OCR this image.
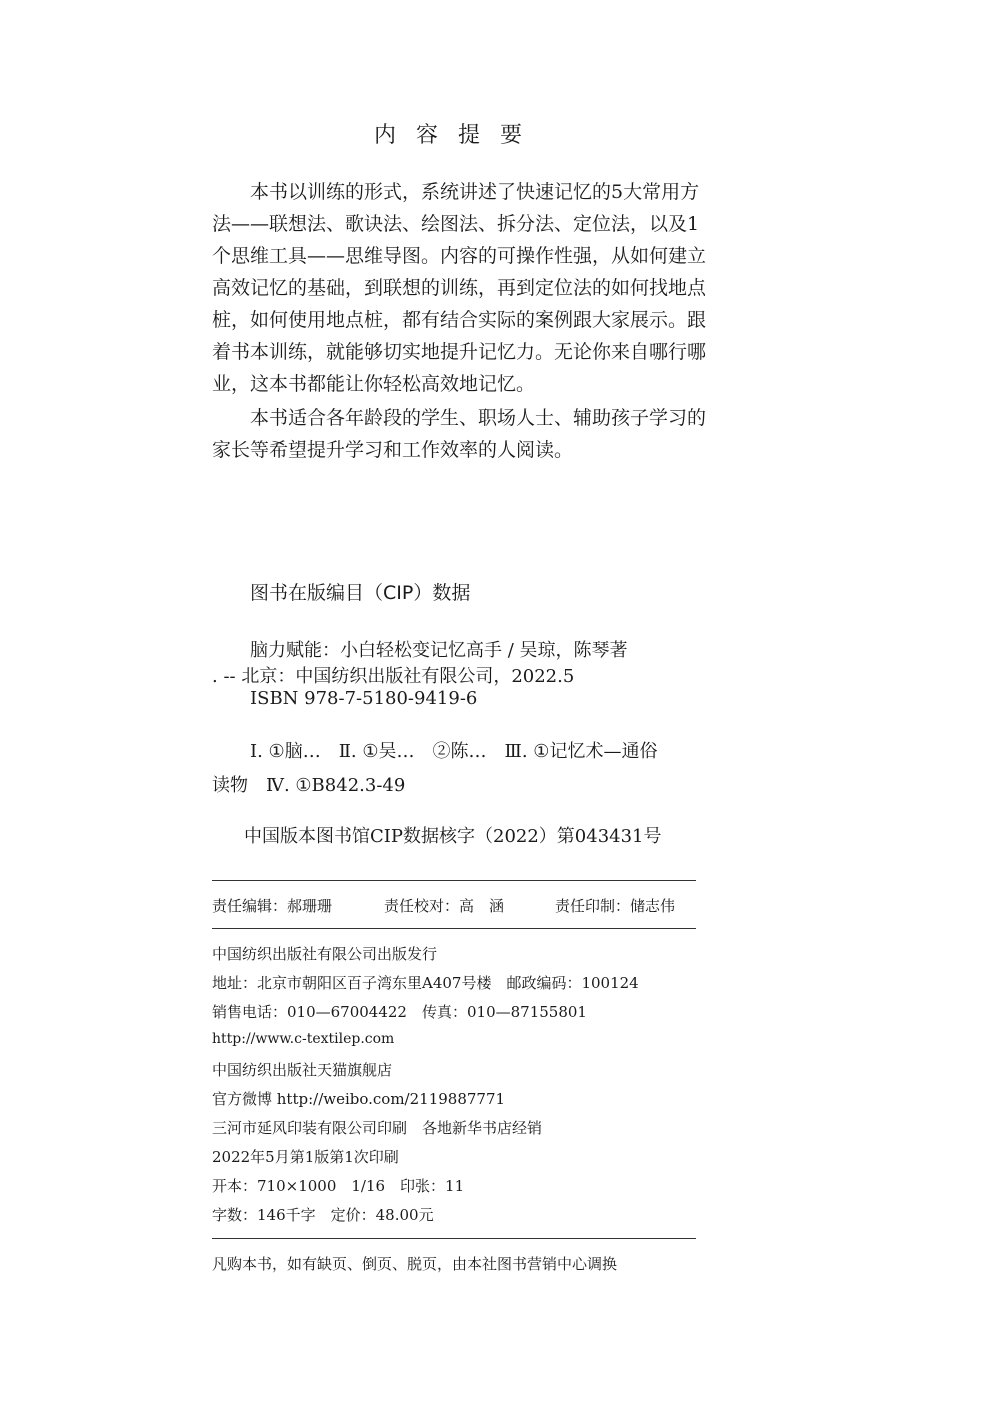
内容提要
本书以训练的形式，系统讲述了快速记忆的5大常用方
法——联想法、歌诀法、绘图法、拆分法、定位法，以及1
个思维工具——思维导图。内容的可操作性强，从如何建立
高效记忆的基础，到联想的训练，再到定位法的如何找地点
桩，如何使用地点桩，都有结合实际的案例跟大家展示。跟
着书本训练，就能够切实地提升记忆力。无论你来自哪行哪
业，这本书都能让你轻松高效地记忆。
本书适合各年龄段的学生、职场人士、辅助孩子学习的
家长等希望提升学习和工作效率的人阅读。
图书在版编目（CIP）数据
脑力赋能：小白轻松变记忆高手 / 吴琼，陈琴著
. -- 北京：中国纺织出版社有限公司，2022.5
ISBN 978-7-5180-9419-6
Ⅰ. ①脑…　Ⅱ. ①吴…　②陈…　Ⅲ. ①记忆术—通俗
读物　Ⅳ. ①B842.3-49
中国版本图书馆CIP数据核字（2022）第043431号
责任编辑：郝珊珊	责任校对：高　涵	责任印制：储志伟
中国纺织出版社有限公司出版发行
地址：北京市朝阳区百子湾东里A407号楼　邮政编码：100124
销售电话：010—67004422　传真：010—87155801
http://www.c-textilep.com
中国纺织出版社天猫旗舰店
官方微博 http://weibo.com/2119887771
三河市延风印装有限公司印刷　各地新华书店经销
2022年5月第1版第1次印刷
开本：710×1000　1/16　印张：11
字数：146千字　定价：48.00元
凡购本书，如有缺页、倒页、脱页，由本社图书营销中心调换
